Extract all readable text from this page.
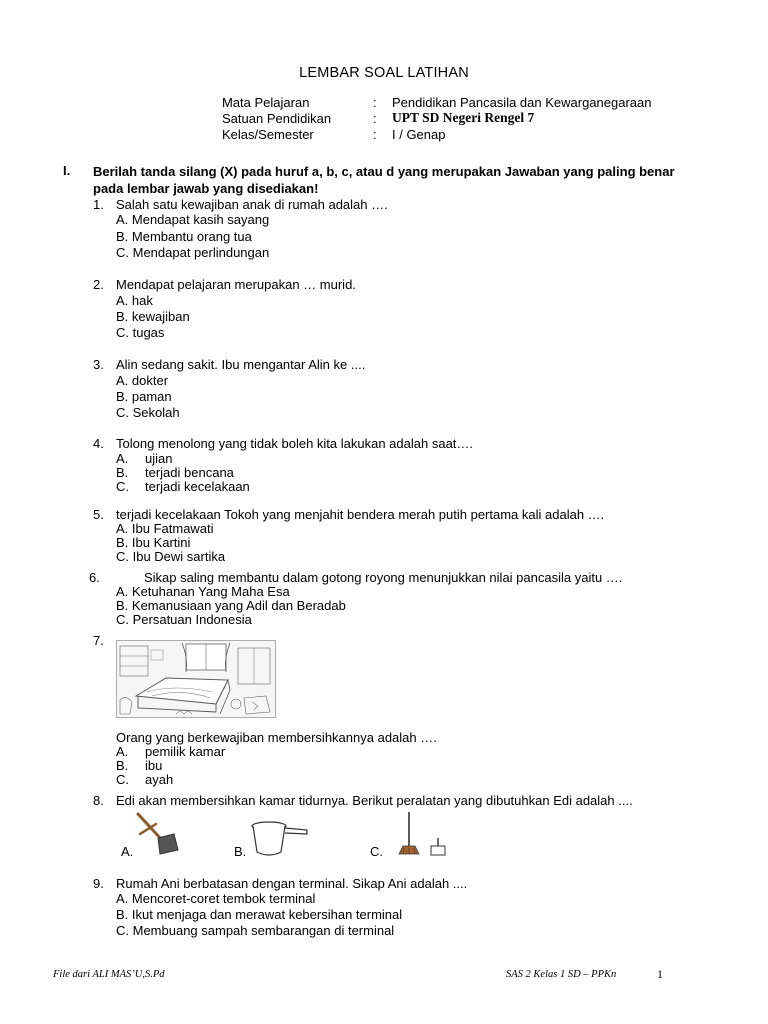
LEMBAR SOAL LATIHAN
Mata Pelajaran	: Pendidikan Pancasila dan Kewarganegaraan
Satuan Pendidikan	: UPT SD Negeri Rengel 7
Kelas/Semester	: I / Genap
I. Berilah tanda silang (X) pada huruf a, b, c, atau d yang merupakan Jawaban yang paling benar pada lembar jawab yang disediakan!
1. Salah satu kewajiban anak di rumah adalah ….
A. Mendapat kasih sayang
B. Membantu orang tua
C. Mendapat perlindungan
2. Mendapat pelajaran merupakan … murid.
A. hak
B. kewajiban
C. tugas
3. Alin sedang sakit. Ibu mengantar Alin ke ....
A. dokter
B. paman
C. Sekolah
4. Tolong menolong yang tidak boleh kita lakukan adalah saat….
A. ujian
B. terjadi bencana
C. terjadi kecelakaan
5. terjadi kecelakaan Tokoh yang menjahit bendera merah putih pertama kali adalah ….
A. Ibu Fatmawati
B. Ibu Kartini
C. Ibu Dewi sartika
6.	Sikap saling membantu dalam gotong royong menunjukkan nilai pancasila yaitu ….
A. Ketuhanan Yang Maha Esa
B. Kemanusiaan yang Adil dan Beradab
C. Persatuan Indonesia
7.
Orang yang berkewajiban membersihkannya adalah ….
A. pemilik kamar
B. ibu
C. ayah
8. Edi akan membersihkan kamar tidurnya. Berikut peralatan yang dibutuhkan Edi adalah ....
A.	B.	C.
9. Rumah Ani berbatasan dengan terminal. Sikap Ani adalah ....
A. Mencoret-coret tembok terminal
B. Ikut menjaga dan merawat kebersihan terminal
C. Membuang sampah sembarangan di terminal
File dari ALI MAS’U,S.Pd	SAS 2 Kelas 1 SD – PPKn	1
